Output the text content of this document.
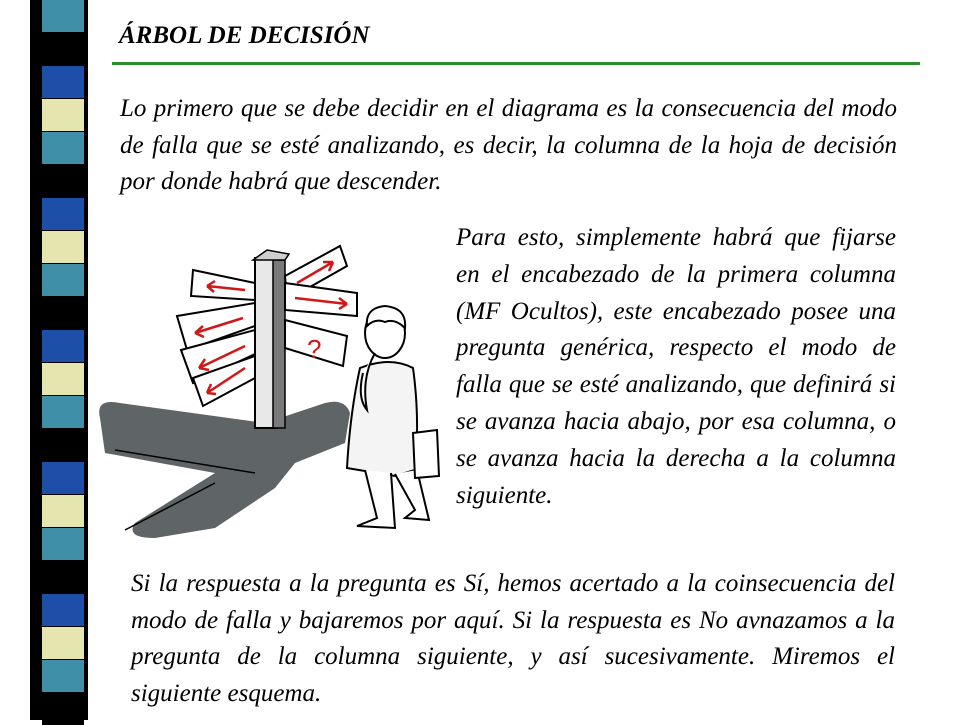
ÁRBOL DE DECISIÓN

Lo primero que se debe decidir en el diagrama es la consecuencia del modo de falla que se esté analizando, es decir, la columna de la hoja de decisión por donde habrá que descender.

?

Para esto, simplemente habrá que fijarse en el encabezado de la primera columna (MF Ocultos), este encabezado posee una pregunta genérica, respecto el modo de falla que se esté analizando, que definirá si se avanza hacia abajo, por esa columna, o se avanza hacia la derecha a la columna siguiente.

Si la respuesta a la pregunta es Sí, hemos acertado a la coinsecuencia del modo de falla y bajaremos por aquí. Si la respuesta es No avnazamos a la pregunta de la columna siguiente, y así sucesivamente. Miremos el siguiente esquema.
